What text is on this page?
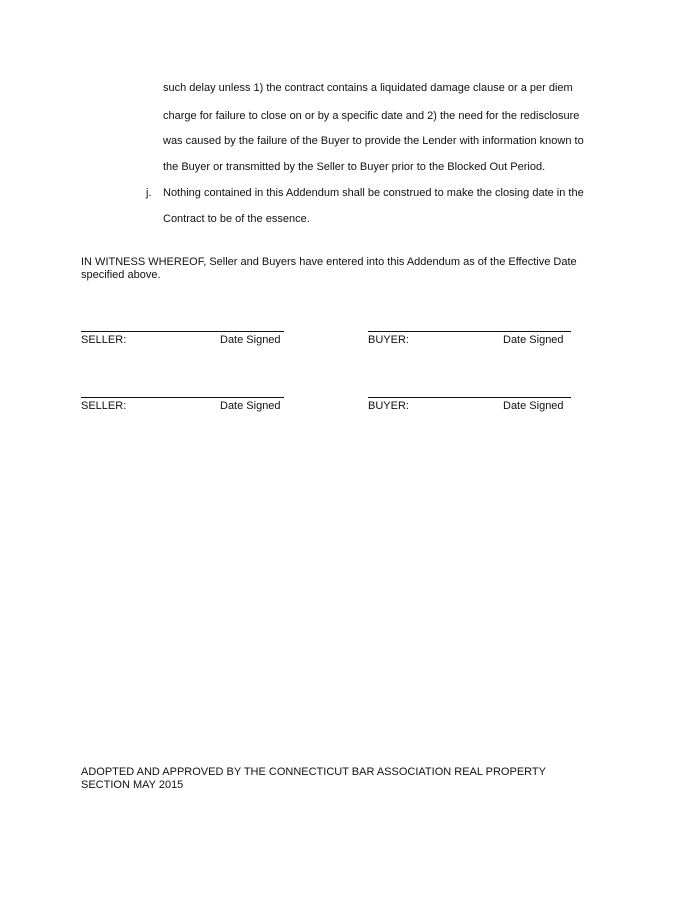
such delay unless 1) the contract contains a liquidated damage clause or a per diem
charge for failure to close on or by a specific date and 2) the need for the redisclosure
was caused by the failure of the Buyer to provide the Lender with information known to
the Buyer or transmitted by the Seller to Buyer prior to the Blocked Out Period.
j. Nothing contained in this Addendum shall be construed to make the closing date in the
Contract to be of the essence.
IN WITNESS WHEREOF, Seller and Buyers have entered into this Addendum as of the Effective Date
specified above.
SELLER:	Date Signed	BUYER:	Date Signed
SELLER:	Date Signed	BUYER:	Date Signed
ADOPTED AND APPROVED BY THE CONNECTICUT BAR ASSOCIATION REAL PROPERTY
SECTION MAY 2015
